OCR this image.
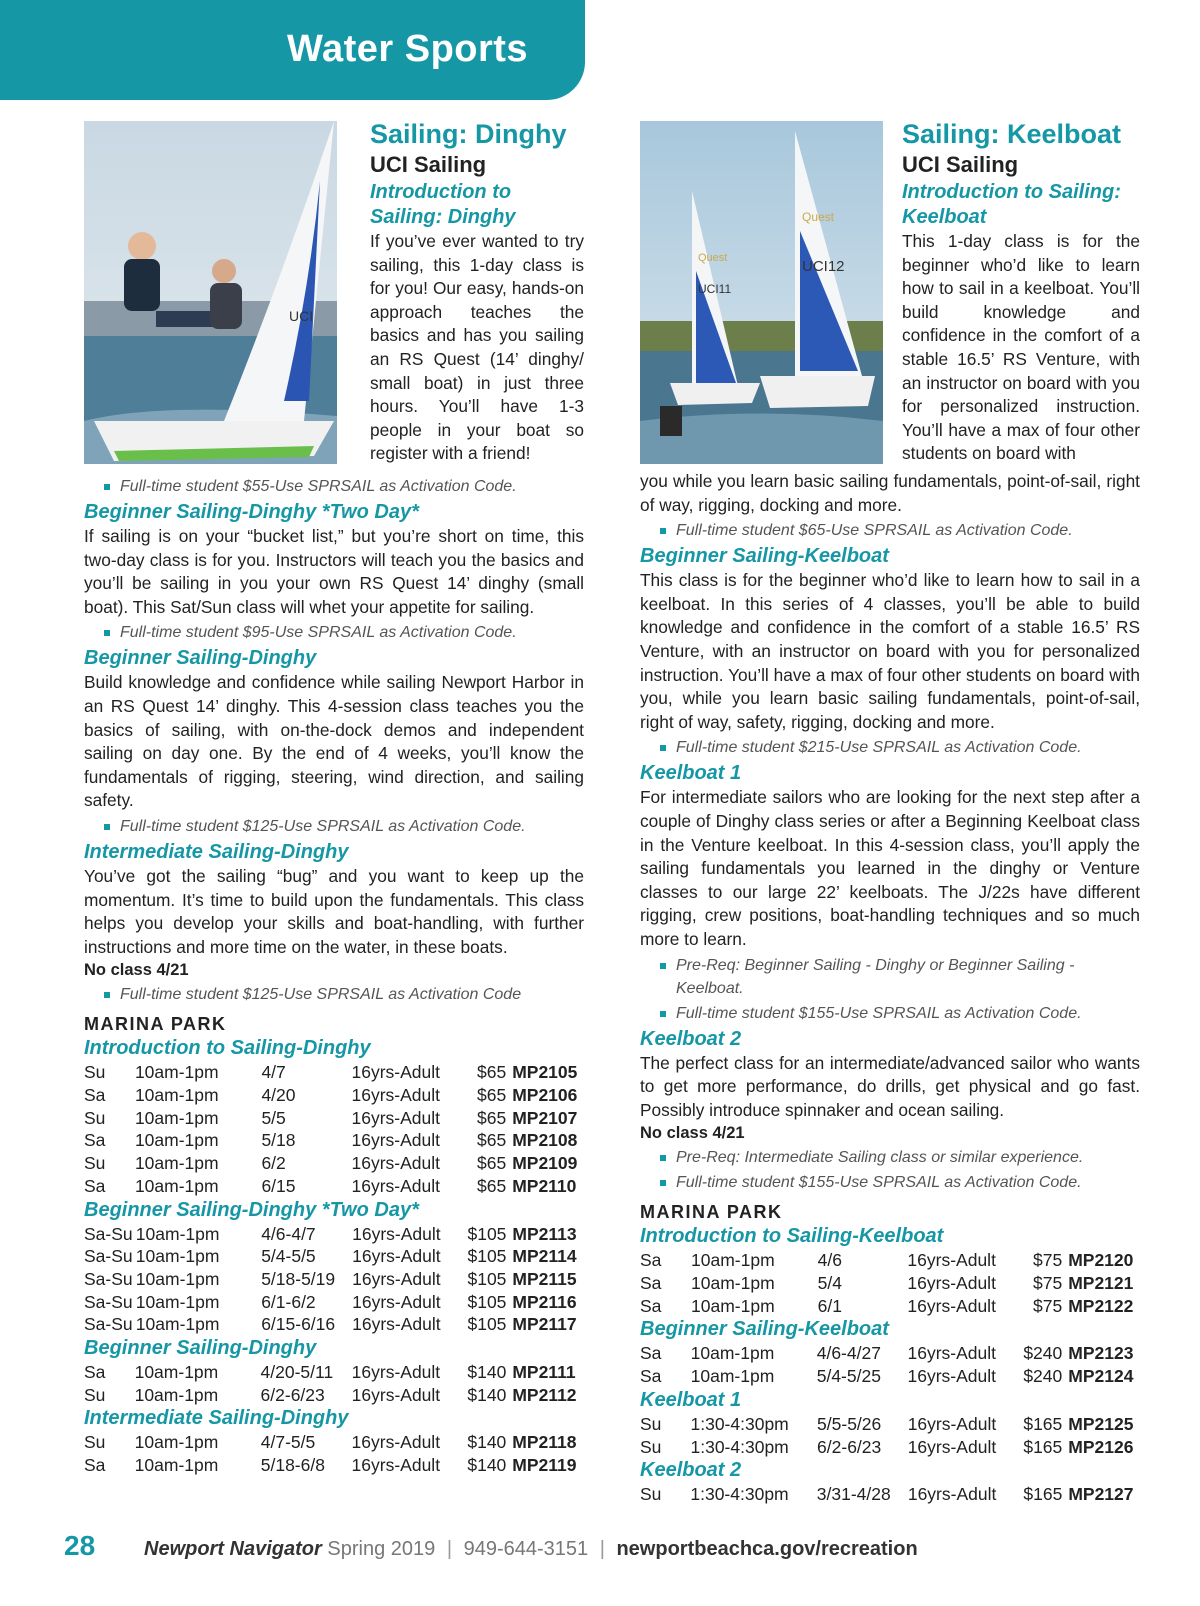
Water Sports
UCI
Sailing: Dinghy
UCI Sailing
Introduction to Sailing: Dinghy

If you’ve ever wanted to try sailing, this 1-day class is for you! Our easy, hands-on approach teaches the basics and has you sailing an RS Quest (14’ dinghy/ small boat) in just three hours. You’ll have 1-3 people in your boat so register with a friend!

Full-time student $55-Use SPRSAIL as Activation Code.
Beginner Sailing-Dinghy *Two Day*

If sailing is on your “bucket list,” but you’re short on time, this two-day class is for you. Instructors will teach you the basics and you’ll be sailing in you your own RS Quest 14’ dinghy (small boat). This Sat/Sun class will whet your appetite for sailing.

Full-time student $95-Use SPRSAIL as Activation Code.
Beginner Sailing-Dinghy

Build knowledge and confidence while sailing Newport Harbor in an RS Quest 14’ dinghy. This 4-session class teaches you the basics of sailing, with on-the-dock demos and independent sailing on day one. By the end of 4 weeks, you’ll know the fundamentals of rigging, steering, wind direction, and sailing safety.

Full-time student $125-Use SPRSAIL as Activation Code.
Intermediate Sailing-Dinghy

You’ve got the sailing “bug” and you want to keep up the momentum. It’s time to build upon the fundamentals. This class helps you develop your skills and boat-handling, with further instructions and more time on the water, in these boats.

No class 4/21
Full-time student $125-Use SPRSAIL as Activation Code
MARINA PARK
Introduction to Sailing-Dinghy
Su	10am-1pm	4/7	16yrs-Adult	$65	MP2105
Sa	10am-1pm	4/20	16yrs-Adult	$65	MP2106
Su	10am-1pm	5/5	16yrs-Adult	$65	MP2107
Sa	10am-1pm	5/18	16yrs-Adult	$65	MP2108
Su	10am-1pm	6/2	16yrs-Adult	$65	MP2109
Sa	10am-1pm	6/15	16yrs-Adult	$65	MP2110
Beginner Sailing-Dinghy *Two Day*
Sa-Su	10am-1pm	4/6-4/7	16yrs-Adult	$105	MP2113
Sa-Su	10am-1pm	5/4-5/5	16yrs-Adult	$105	MP2114
Sa-Su	10am-1pm	5/18-5/19	16yrs-Adult	$105	MP2115
Sa-Su	10am-1pm	6/1-6/2	16yrs-Adult	$105	MP2116
Sa-Su	10am-1pm	6/15-6/16	16yrs-Adult	$105	MP2117
Beginner Sailing-Dinghy
Sa	10am-1pm	4/20-5/11	16yrs-Adult	$140	MP2111
Su	10am-1pm	6/2-6/23	16yrs-Adult	$140	MP2112
Intermediate Sailing-Dinghy
Su	10am-1pm	4/7-5/5	16yrs-Adult	$140	MP2118
Sa	10am-1pm	5/18-6/8	16yrs-Adult	$140	MP2119
Quest
UCI11
Quest
UCI12
Sailing: Keelboat
UCI Sailing
Introduction to Sailing: Keelboat

This 1-day class is for the beginner who’d like to learn how to sail in a keelboat. You’ll build knowledge and confidence in the comfort of a stable 16.5’ RS Venture, with an instructor on board with you for personalized instruction. You’ll have a max of four other students on board with

you while you learn basic sailing fundamentals, point-of-sail, right of way, rigging, docking and more.

Full-time student $65-Use SPRSAIL as Activation Code.
Beginner Sailing-Keelboat

This class is for the beginner who’d like to learn how to sail in a keelboat. In this series of 4 classes, you’ll be able to build knowledge and confidence in the comfort of a stable 16.5’ RS Venture, with an instructor on board with you for personalized instruction. You’ll have a max of four other students on board with you, while you learn basic sailing fundamentals, point-of-sail, right of way, safety, rigging, docking and more.

Full-time student $215-Use SPRSAIL as Activation Code.
Keelboat 1

For intermediate sailors who are looking for the next step after a couple of Dinghy class series or after a Beginning Keelboat class in the Venture keelboat. In this 4-session class, you’ll apply the sailing fundamentals you learned in the dinghy or Venture classes to our large 22’ keelboats. The J/22s have different rigging, crew positions, boat-handling techniques and so much more to learn.

Pre-Req: Beginner Sailing - Dinghy or Beginner Sailing - Keelboat.
Full-time student $155-Use SPRSAIL as Activation Code.
Keelboat 2

The perfect class for an intermediate/advanced sailor who wants to get more performance, do drills, get physical and go fast. Possibly introduce spinnaker and ocean sailing.

No class 4/21
Pre-Req: Intermediate Sailing class or similar experience.
Full-time student $155-Use SPRSAIL as Activation Code.
MARINA PARK
Introduction to Sailing-Keelboat
Sa	10am-1pm	4/6	16yrs-Adult	$75	MP2120
Sa	10am-1pm	5/4	16yrs-Adult	$75	MP2121
Sa	10am-1pm	6/1	16yrs-Adult	$75	MP2122
Beginner Sailing-Keelboat
Sa	10am-1pm	4/6-4/27	16yrs-Adult	$240	MP2123
Sa	10am-1pm	5/4-5/25	16yrs-Adult	$240	MP2124
Keelboat 1
Su	1:30-4:30pm	5/5-5/26	16yrs-Adult	$165	MP2125
Su	1:30-4:30pm	6/2-6/23	16yrs-Adult	$165	MP2126
Keelboat 2
Su	1:30-4:30pm	3/31-4/28	16yrs-Adult	$165	MP2127
28 Newport Navigator Spring 2019 | 949-644-3151 | newportbeachca.gov/recreation
